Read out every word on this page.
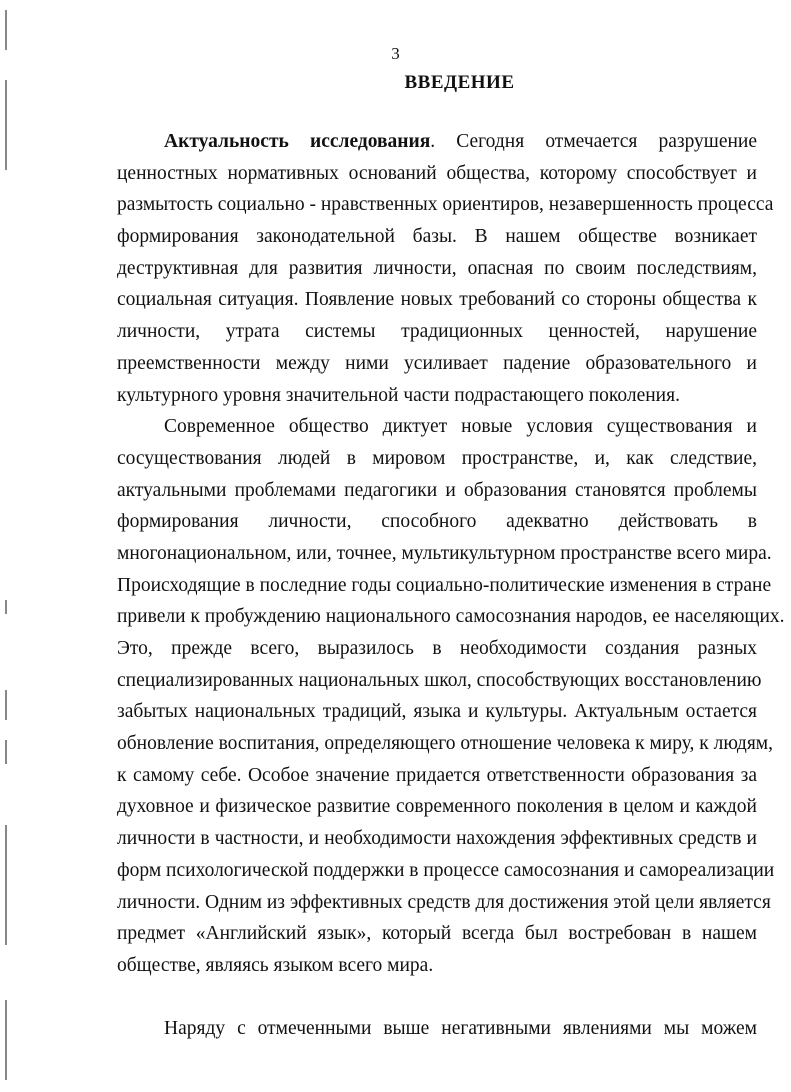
3
ВВЕДЕНИЕ
Актуальность исследования. Сегодня отмечается разрушение
ценностных нормативных оснований общества, которому способствует и
размытость социально - нравственных ориентиров, незавершенность процесса
формирования законодательной базы. В нашем обществе возникает
деструктивная для развития личности, опасная по своим последствиям,
социальная ситуация. Появление новых требований со стороны общества к
личности, утрата системы традиционных ценностей, нарушение
преемственности между ними усиливает падение образовательного и
культурного уровня значительной части подрастающего поколения.
Современное общество диктует новые условия существования и
сосуществования людей в мировом пространстве, и, как следствие,
актуальными проблемами педагогики и образования становятся проблемы
формирования личности, способного адекватно действовать в
многонациональном, или, точнее, мультикультурном пространстве всего мира.
Происходящие в последние годы социально-политические изменения в стране
привели к пробуждению национального самосознания народов, ее населяющих.
Это, прежде всего, выразилось в необходимости создания разных
специализированных национальных школ, способствующих восстановлению
забытых национальных традиций, языка и культуры. Актуальным остается
обновление воспитания, определяющего отношение человека к миру, к людям,
к самому себе. Особое значение придается ответственности образования за
духовное и физическое развитие современного поколения в целом и каждой
личности в частности, и необходимости нахождения эффективных средств и
форм психологической поддержки в процессе самосознания и самореализации
личности. Одним из эффективных средств для достижения этой цели является
предмет «Английский язык», который всегда был востребован в нашем
обществе, являясь языком всего мира.
Наряду с отмеченными выше негативными явлениями мы можем
